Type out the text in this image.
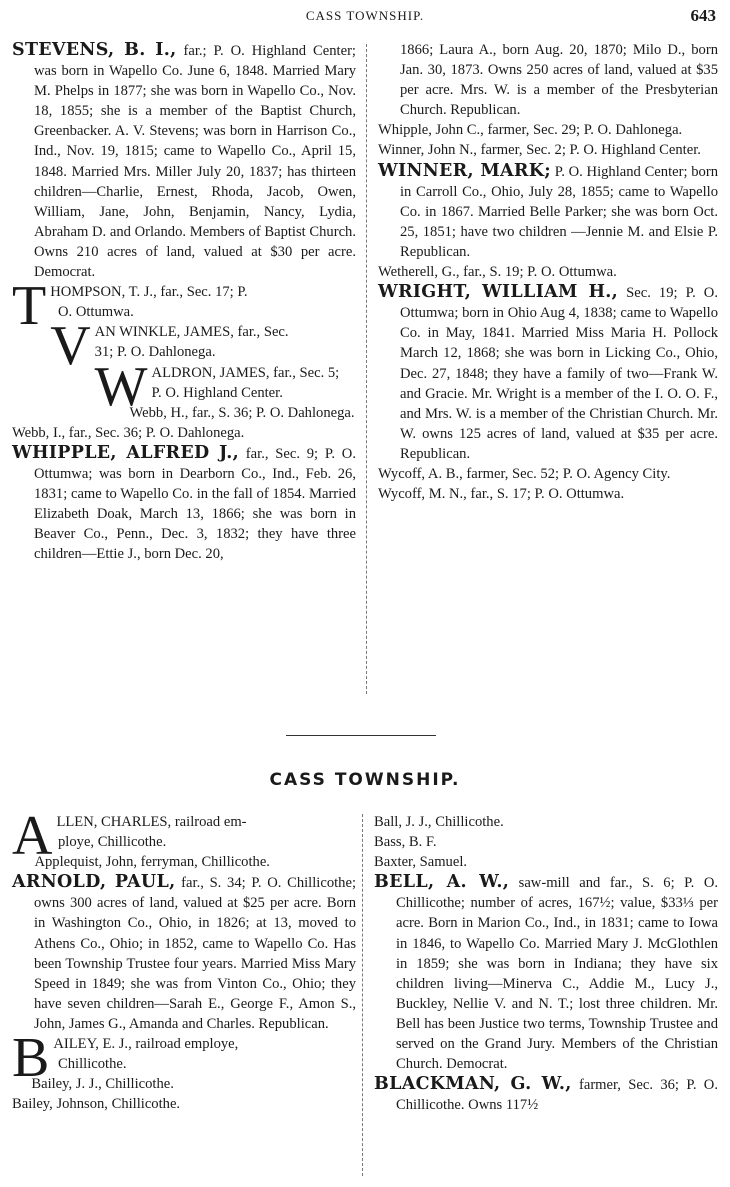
CASS TOWNSHIP.	643

STEVENS, B. I., far.; P. O. Highland Center; was born in Wapello Co. June 6, 1848. Married Mary M. Phelps in 1877; she was born in Wapello Co., Nov. 18, 1855; she is a member of the Baptist Church, Greenbacker. A. V. Stevens; was born in Harrison Co., Ind., Nov. 19, 1815; came to Wapello Co., April 15, 1848. Married Mrs. Miller July 20, 1837; has thirteen children—Charlie, Ernest, Rhoda, Jacob, Owen, William, Jane, John, Benjamin, Nancy, Lydia, Abraham D. and Orlando. Members of Baptist Church. Owns 210 acres of land, valued at $30 per acre. Democrat.

T HOMPSON, T. J., far., Sec. 17; P.
O. Ottumwa.

V AN WINKLE, JAMES, far., Sec.
31; P. O. Dahlonega.

W ALDRON, JAMES, far., Sec. 5;
P. O. Highland Center.

Webb, H., far., S. 36; P. O. Dahlonega.

Webb, I., far., Sec. 36; P. O. Dahlonega.

WHIPPLE, ALFRED J., far., Sec. 9; P. O. Ottumwa; was born in Dearborn Co., Ind., Feb. 26, 1831; came to Wapello Co. in the fall of 1854. Married Elizabeth Doak, March 13, 1866; she was born in Beaver Co., Penn., Dec. 3, 1832; they have three children—Ettie J., born Dec. 20,

1866; Laura A., born Aug. 20, 1870; Milo D., born Jan. 30, 1873. Owns 250 acres of land, valued at $35 per acre. Mrs. W. is a member of the Presbyterian Church. Republican.

Whipple, John C., farmer, Sec. 29; P. O. Dahlonega.

Winner, John N., farmer, Sec. 2; P. O. Highland Center.

WINNER, MARK; P. O. Highland Center; born in Carroll Co., Ohio, July 28, 1855; came to Wapello Co. in 1867. Married Belle Parker; she was born Oct. 25, 1851; have two children —Jennie M. and Elsie P. Republican.

Wetherell, G., far., S. 19; P. O. Ottumwa.

WRIGHT, WILLIAM H., Sec. 19; P. O. Ottumwa; born in Ohio Aug 4, 1838; came to Wapello Co. in May, 1841. Married Miss Maria H. Pollock March 12, 1868; she was born in Licking Co., Ohio, Dec. 27, 1848; they have a family of two—Frank W. and Gracie. Mr. Wright is a member of the I. O. O. F., and Mrs. W. is a member of the Christian Church. Mr. W. owns 125 acres of land, valued at $35 per acre. Republican.

Wycoff, A. B., farmer, Sec. 52; P. O. Agency City.

Wycoff, M. N., far., S. 17; P. O. Ottumwa.

CASS TOWNSHIP.

A LLEN, CHARLES, railroad em-
ploye, Chillicothe.

Applequist, John, ferryman, Chillicothe.

ARNOLD, PAUL, far., S. 34; P. O. Chillicothe; owns 300 acres of land, valued at $25 per acre. Born in Washington Co., Ohio, in 1826; at 13, moved to Athens Co., Ohio; in 1852, came to Wapello Co. Has been Township Trustee four years. Married Miss Mary Speed in 1849; she was from Vinton Co., Ohio; they have seven children—Sarah E., George F., Amon S., John, James G., Amanda and Charles. Republican.

B AILEY, E. J., railroad employe,
Chillicothe.

Bailey, J. J., Chillicothe.

Bailey, Johnson, Chillicothe.

Ball, J. J., Chillicothe.

Bass, B. F.

Baxter, Samuel.

BELL, A. W., saw-mill and far., S. 6; P. O. Chillicothe; number of acres, 167½; value, $33⅓ per acre. Born in Marion Co., Ind., in 1831; came to Iowa in 1846, to Wapello Co. Married Mary J. McGlothlen in 1859; she was born in Indiana; they have six children living—Minerva C., Addie M., Lucy J., Buckley, Nellie V. and N. T.; lost three children. Mr. Bell has been Justice two terms, Township Trustee and served on the Grand Jury. Members of the Christian Church. Democrat.

BLACKMAN, G. W., farmer, Sec. 36; P. O. Chillicothe. Owns 117½
